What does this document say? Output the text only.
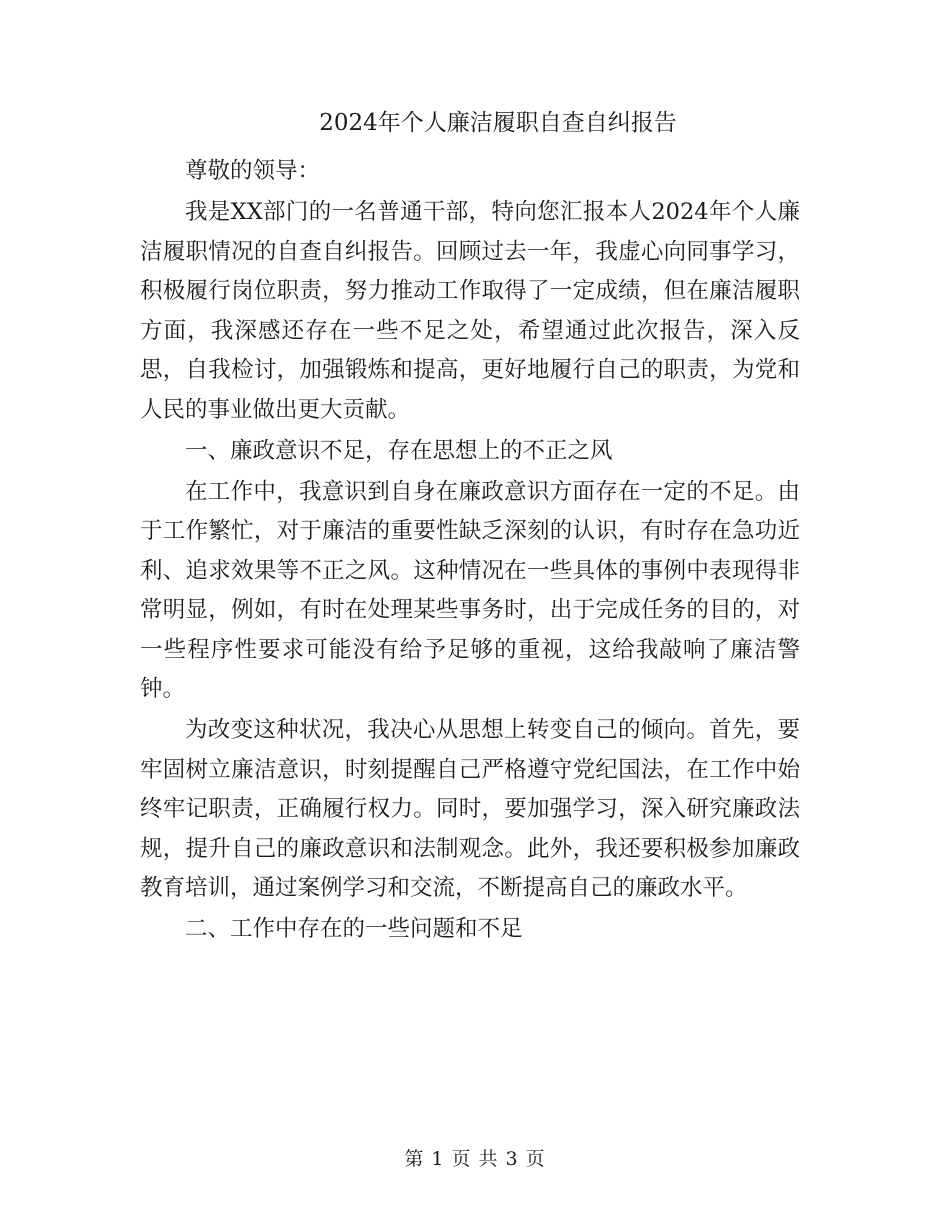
2024年个人廉洁履职自查自纠报告

尊敬的领导：

我是XX部门的一名普通干部，特向您汇报本人2024年个人廉洁履职情况的自查自纠报告。回顾过去一年，我虚心向同事学习，积极履行岗位职责，努力推动工作取得了一定成绩，但在廉洁履职方面，我深感还存在一些不足之处，希望通过此次报告，深入反思，自我检讨，加强锻炼和提高，更好地履行自己的职责，为党和人民的事业做出更大贡献。

一、廉政意识不足，存在思想上的不正之风

在工作中，我意识到自身在廉政意识方面存在一定的不足。由于工作繁忙，对于廉洁的重要性缺乏深刻的认识，有时存在急功近利、追求效果等不正之风。这种情况在一些具体的事例中表现得非常明显，例如，有时在处理某些事务时，出于完成任务的目的，对一些程序性要求可能没有给予足够的重视，这给我敲响了廉洁警钟。

为改变这种状况，我决心从思想上转变自己的倾向。首先，要牢固树立廉洁意识，时刻提醒自己严格遵守党纪国法，在工作中始终牢记职责，正确履行权力。同时，要加强学习，深入研究廉政法规，提升自己的廉政意识和法制观念。此外，我还要积极参加廉政教育培训，通过案例学习和交流，不断提高自己的廉政水平。

二、工作中存在的一些问题和不足

第 1 页 共 3 页
